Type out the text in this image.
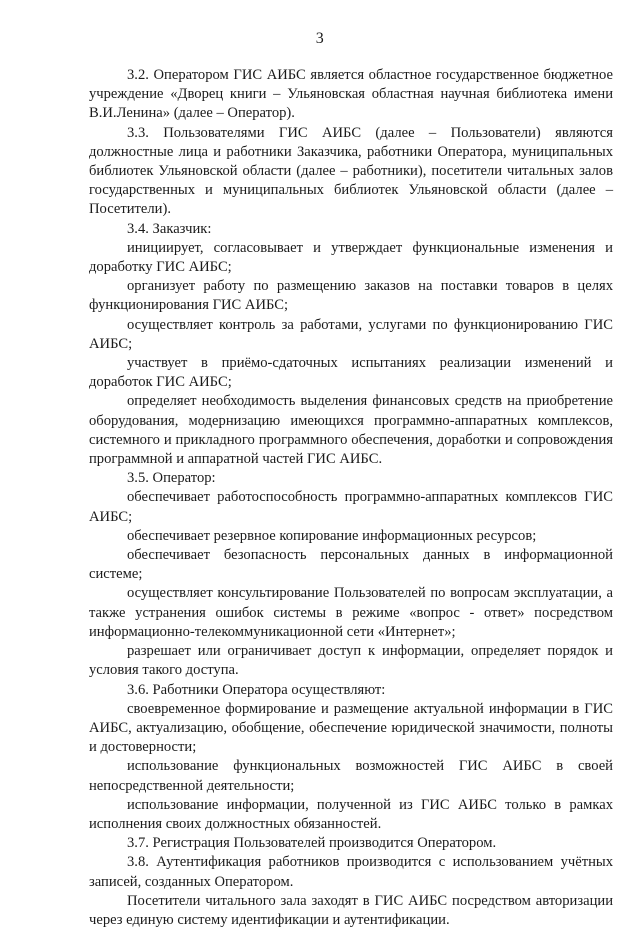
3

3.2. Оператором ГИС АИБС является областное государственное бюджетное учреждение «Дворец книги – Ульяновская областная научная библиотека имени В.И.Ленина» (далее – Оператор).

3.3. Пользователями ГИС АИБС (далее – Пользователи) являются должностные лица и работники Заказчика, работники Оператора, муниципальных библиотек Ульяновской области (далее – работники), посетители читальных залов государственных и муниципальных библиотек Ульяновской области (далее – Посетители).

3.4. Заказчик:

инициирует, согласовывает и утверждает функциональные изменения и доработку ГИС АИБС;

организует работу по размещению заказов на поставки товаров в целях функционирования ГИС АИБС;

осуществляет контроль за работами, услугами по функционированию ГИС АИБС;

участвует в приёмо-сдаточных испытаниях реализации изменений и доработок ГИС АИБС;

определяет необходимость выделения финансовых средств на приобретение оборудования, модернизацию имеющихся программно-аппаратных комплексов, системного и прикладного программного обеспечения, доработки и сопровождения программной и аппаратной частей ГИС АИБС.

3.5. Оператор:

обеспечивает работоспособность программно-аппаратных комплексов ГИС АИБС;

обеспечивает резервное копирование информационных ресурсов;

обеспечивает безопасность персональных данных в информационной системе;

осуществляет консультирование Пользователей по вопросам эксплуатации, а также устранения ошибок системы в режиме «вопрос - ответ» посредством информационно-телекоммуникационной сети «Интернет»;

разрешает или ограничивает доступ к информации, определяет порядок и условия такого доступа.

3.6. Работники Оператора осуществляют:

своевременное формирование и размещение актуальной информации в ГИС АИБС, актуализацию, обобщение, обеспечение юридической значимости, полноты и достоверности;

использование функциональных возможностей ГИС АИБС в своей непосредственной деятельности;

использование информации, полученной из ГИС АИБС только в рамках исполнения своих должностных обязанностей.

3.7. Регистрация Пользователей производится Оператором.

3.8. Аутентификация работников производится с использованием учётных записей, созданных Оператором.

Посетители читального зала заходят в ГИС АИБС посредством авторизации через единую систему идентификации и аутентификации.
